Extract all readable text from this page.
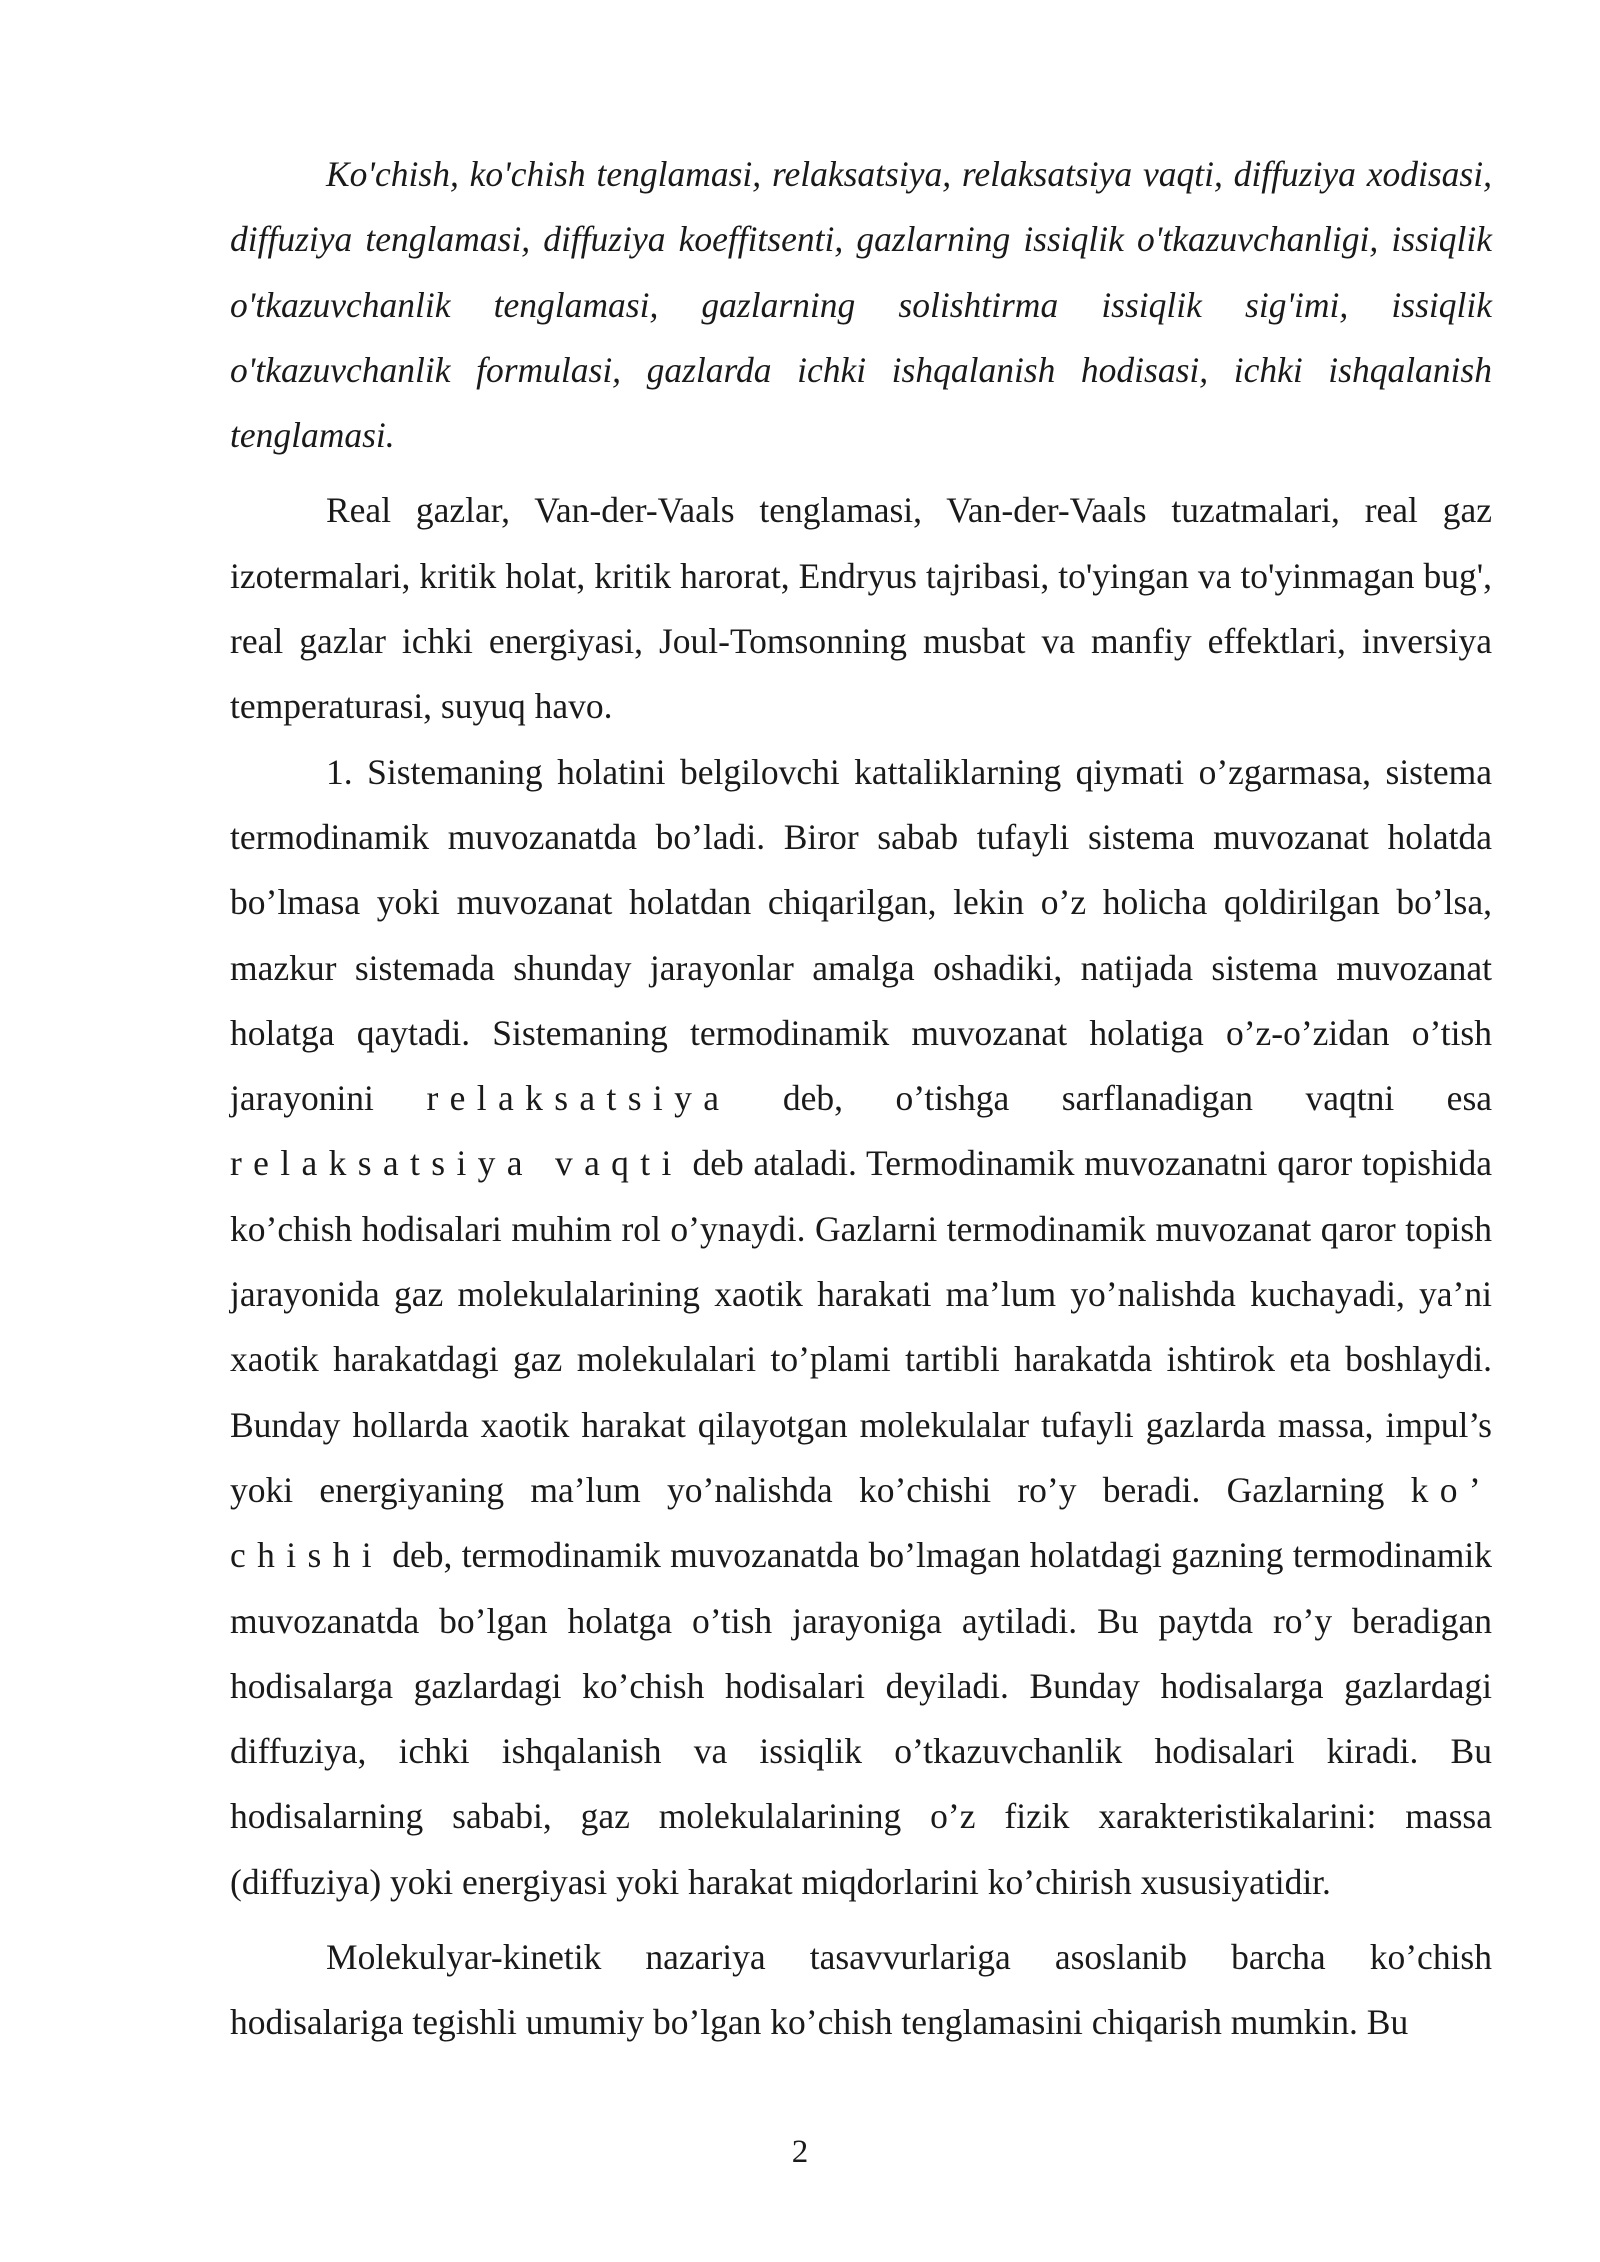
Ko'chish, ko'chish tenglamasi, relaksatsiya, relaksatsiya vaqti, diffuziya xodisasi, diffuziya tenglamasi, diffuziya koeffitsenti, gazlarning issiqlik o'tkazuvchanligi, issiqlik o'tkazuvchanlik tenglamasi, gazlarning solishtirma issiqlik sig'imi, issiqlik o'tkazuvchanlik formulasi, gazlarda ichki ishqalanish hodisasi, ichki ishqalanish tenglamasi.

Real gazlar, Van-der-Vaals tenglamasi, Van-der-Vaals tuzatmalari, real gaz izotermalari, kritik holat, kritik harorat, Endryus tajribasi, to'yingan va to'yinmagan bug', real gazlar ichki energiyasi, Joul-Tomsonning musbat va manfiy effektlari, inversiya temperaturasi, suyuq havo.

1. Sistemaning holatini belgilovchi kattaliklarning qiymati o’zgarmasa, sistema termodinamik muvozanatda bo’ladi. Biror sabab tufayli sistema muvozanat holatda bo’lmasa yoki muvozanat holatdan chiqarilgan, lekin o’z holicha qoldirilgan bo’lsa, mazkur sistemada shunday jarayonlar amalga oshadiki, natijada sistema muvozanat holatga qaytadi. Sistemaning termodinamik muvozanat holatiga o’z-o’zidan o’tish jarayonini relaksatsiya deb, o’tishga sarflanadigan vaqtni esa relaksatsiya vaqti deb ataladi. Termodinamik muvozanatni qaror topishida ko’chish hodisalari muhim rol o’ynaydi. Gazlarni termodinamik muvozanat qaror topish jarayonida gaz molekulalarining xaotik harakati ma’lum yo’nalishda kuchayadi, ya’ni xaotik harakatdagi gaz molekulalari to’plami tartibli harakatda ishtirok eta boshlaydi. Bunday hollarda xaotik harakat qilayotgan molekulalar tufayli gazlarda massa, impul’s yoki energiyaning ma’lum yo’nalishda ko’chishi ro’y beradi. Gazlarning ko’ chishi deb, termodinamik muvozanatda bo’lmagan holatdagi gazning termodinamik muvozanatda bo’lgan holatga o’tish jarayoniga aytiladi. Bu paytda ro’y beradigan hodisalarga gazlardagi ko’chish hodisalari deyiladi. Bunday hodisalarga gazlardagi diffuziya, ichki ishqalanish va issiqlik o’tkazuvchanlik hodisalari kiradi. Bu hodisalarning sababi, gaz molekulalarining o’z fizik xarakteristikalarini: massa (diffuziya) yoki energiyasi yoki harakat miqdorlarini ko’chirish xususiyatidir.

Molekulyar-kinetik nazariya tasavvurlariga asoslanib barcha ko’chish hodisalariga tegishli umumiy bo’lgan ko’chish tenglamasini chiqarish mumkin. Bu

2
